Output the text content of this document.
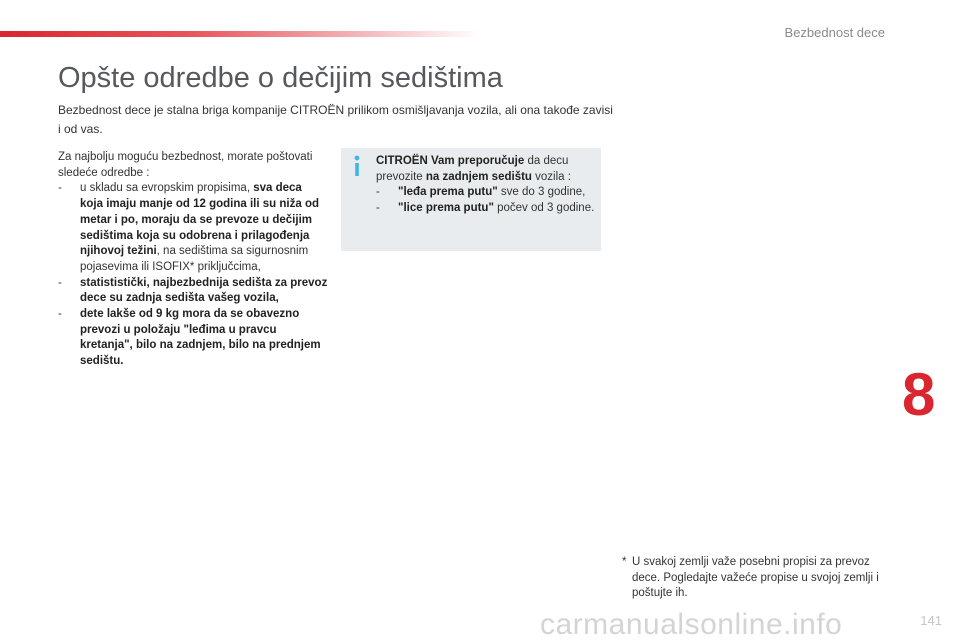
Bezbednost dece
Opšte odredbe o dečijim sedištima

Bezbednost dece je stalna briga kompanije CITROËN prilikom osmišljavanja vozila, ali ona takođe zavisi i od vas.

Za najbolju moguću bezbednost, morate poštovati sledeće odredbe :

- u skladu sa evropskim propisima, sva deca koja imaju manje od 12 godina ili su niža od metar i po, moraju da se prevoze u dečijim sedištima koja su odobrena i prilagođenja njihovoj težini, na sedištima sa sigurnosnim pojasevima ili ISOFIX* priključcima,

- statististički, najbezbednija sedišta za prevoz dece su zadnja sedišta vašeg vozila,

- dete lakše od 9 kg mora da se obavezno prevozi u položaju "leđima u pravcu kretanja", bilo na zadnjem, bilo na prednjem sedištu.

CITROËN Vam preporučuje da decu prevozite na zadnjem sedištu vozila :

- "leđa prema putu" sve do 3 godine,

- "lice prema putu" počev od 3 godine.

8
* U svakoj zemlji važe posebni propisi za prevoz dece. Pogledajte važeće propise u svojoj zemlji i poštujte ih.
carmanualsonline.info	141
